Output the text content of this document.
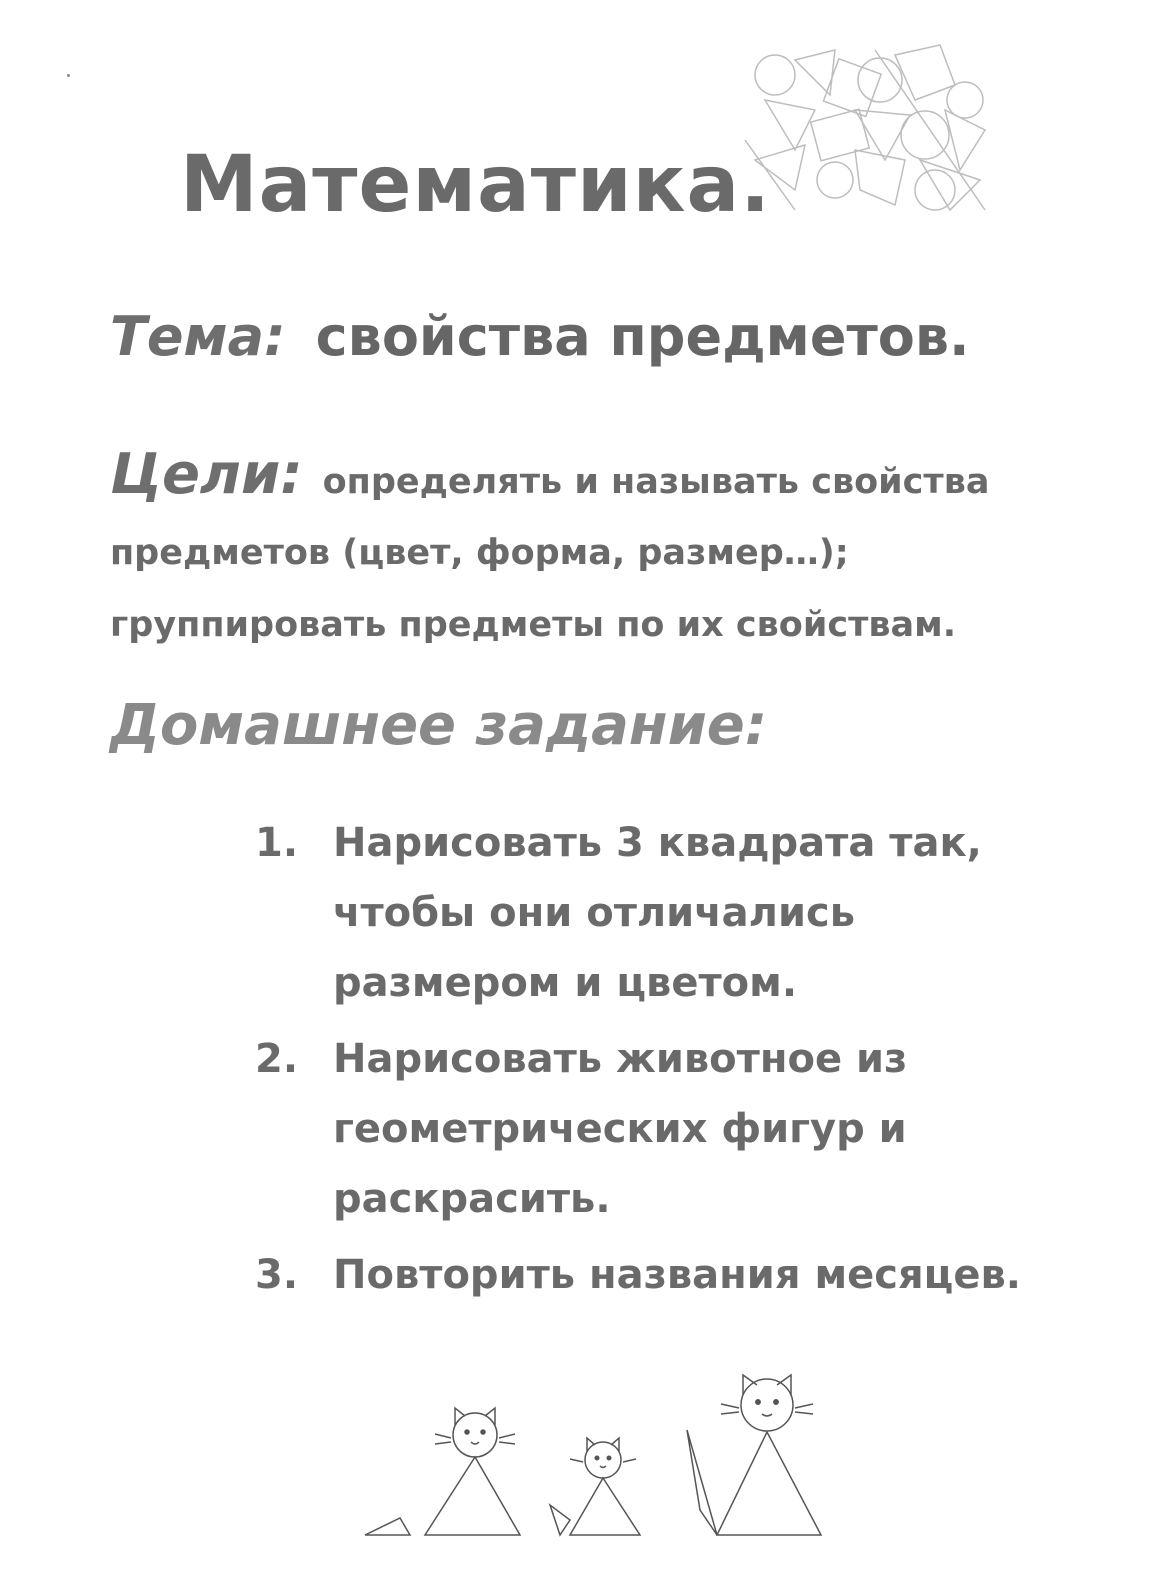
Математика.
Тема: свойства предметов.
Цели: определять и называть свойства
предметов (цвет, форма, размер…);
группировать предметы по их свойствам.
Домашнее задание:
1. Нарисовать 3 квадрата так, чтобы они отличались размером и цветом.
2. Нарисовать животное из геометрических фигур и раскрасить.
3. Повторить названия месяцев.
